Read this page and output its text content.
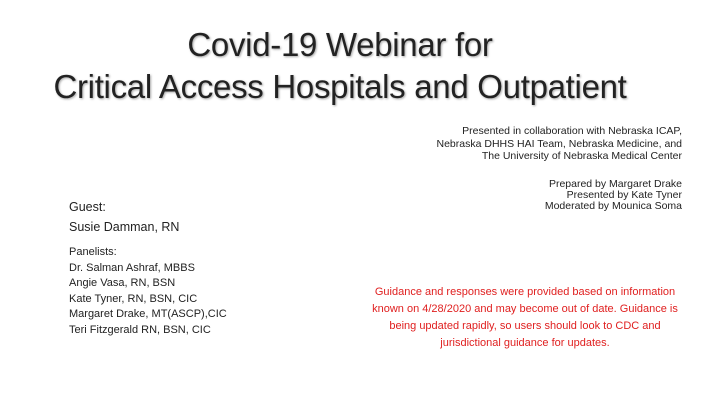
Covid-19 Webinar for
Critical Access Hospitals and Outpatient
Presented in collaboration with Nebraska ICAP,
Nebraska DHHS HAI Team, Nebraska Medicine, and
The University of Nebraska Medical Center
Prepared by Margaret Drake
Presented by Kate Tyner
Moderated by Mounica Soma
Guest:
Susie Damman, RN
Panelists:
Dr. Salman Ashraf, MBBS
Angie Vasa, RN, BSN
Kate Tyner, RN, BSN, CIC
Margaret Drake, MT(ASCP),CIC
Teri Fitzgerald RN, BSN, CIC
Guidance and responses were provided based on information
known on 4/28/2020 and may become out of date. Guidance is
being updated rapidly, so users should look to CDC and
jurisdictional guidance for updates.
